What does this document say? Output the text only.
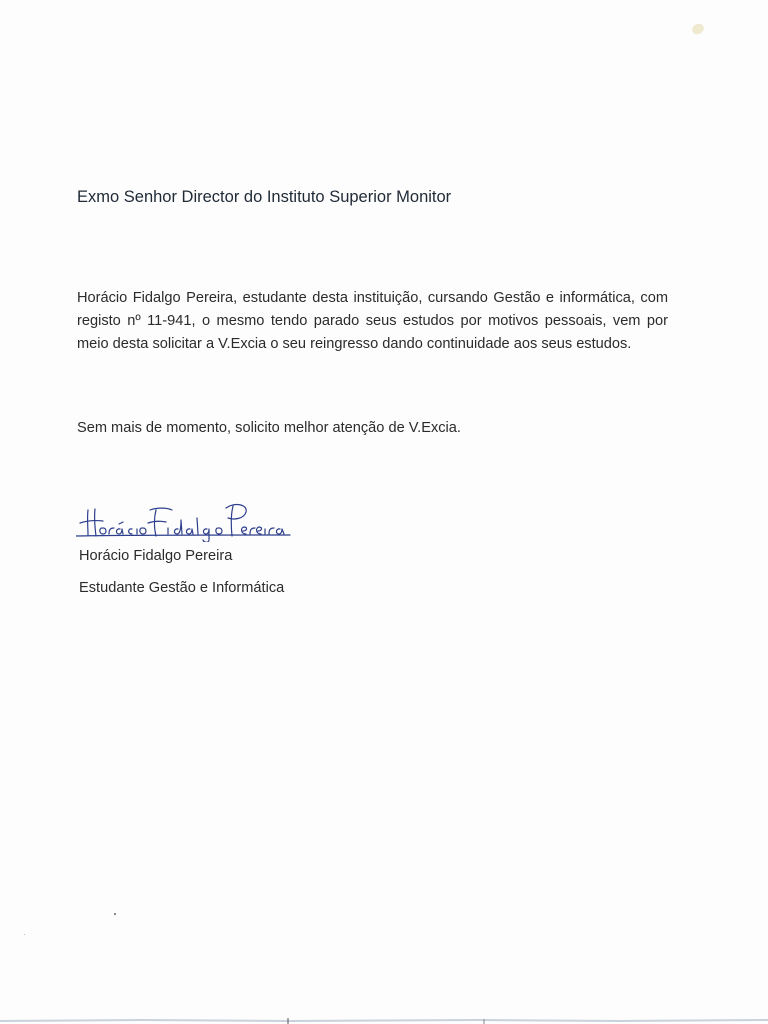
Exmo Senhor Director do Instituto Superior Monitor

Horácio Fidalgo Pereira, estudante desta instituição, cursando Gestão e informática, com registo nº 11-941, o mesmo tendo parado seus estudos por motivos pessoais, vem por meio desta solicitar a V.Excia o seu reingresso dando continuidade aos seus estudos.

Sem mais de momento, solicito melhor atenção de V.Excia.

Horácio Fidalgo Pereira

Estudante Gestão e Informática
